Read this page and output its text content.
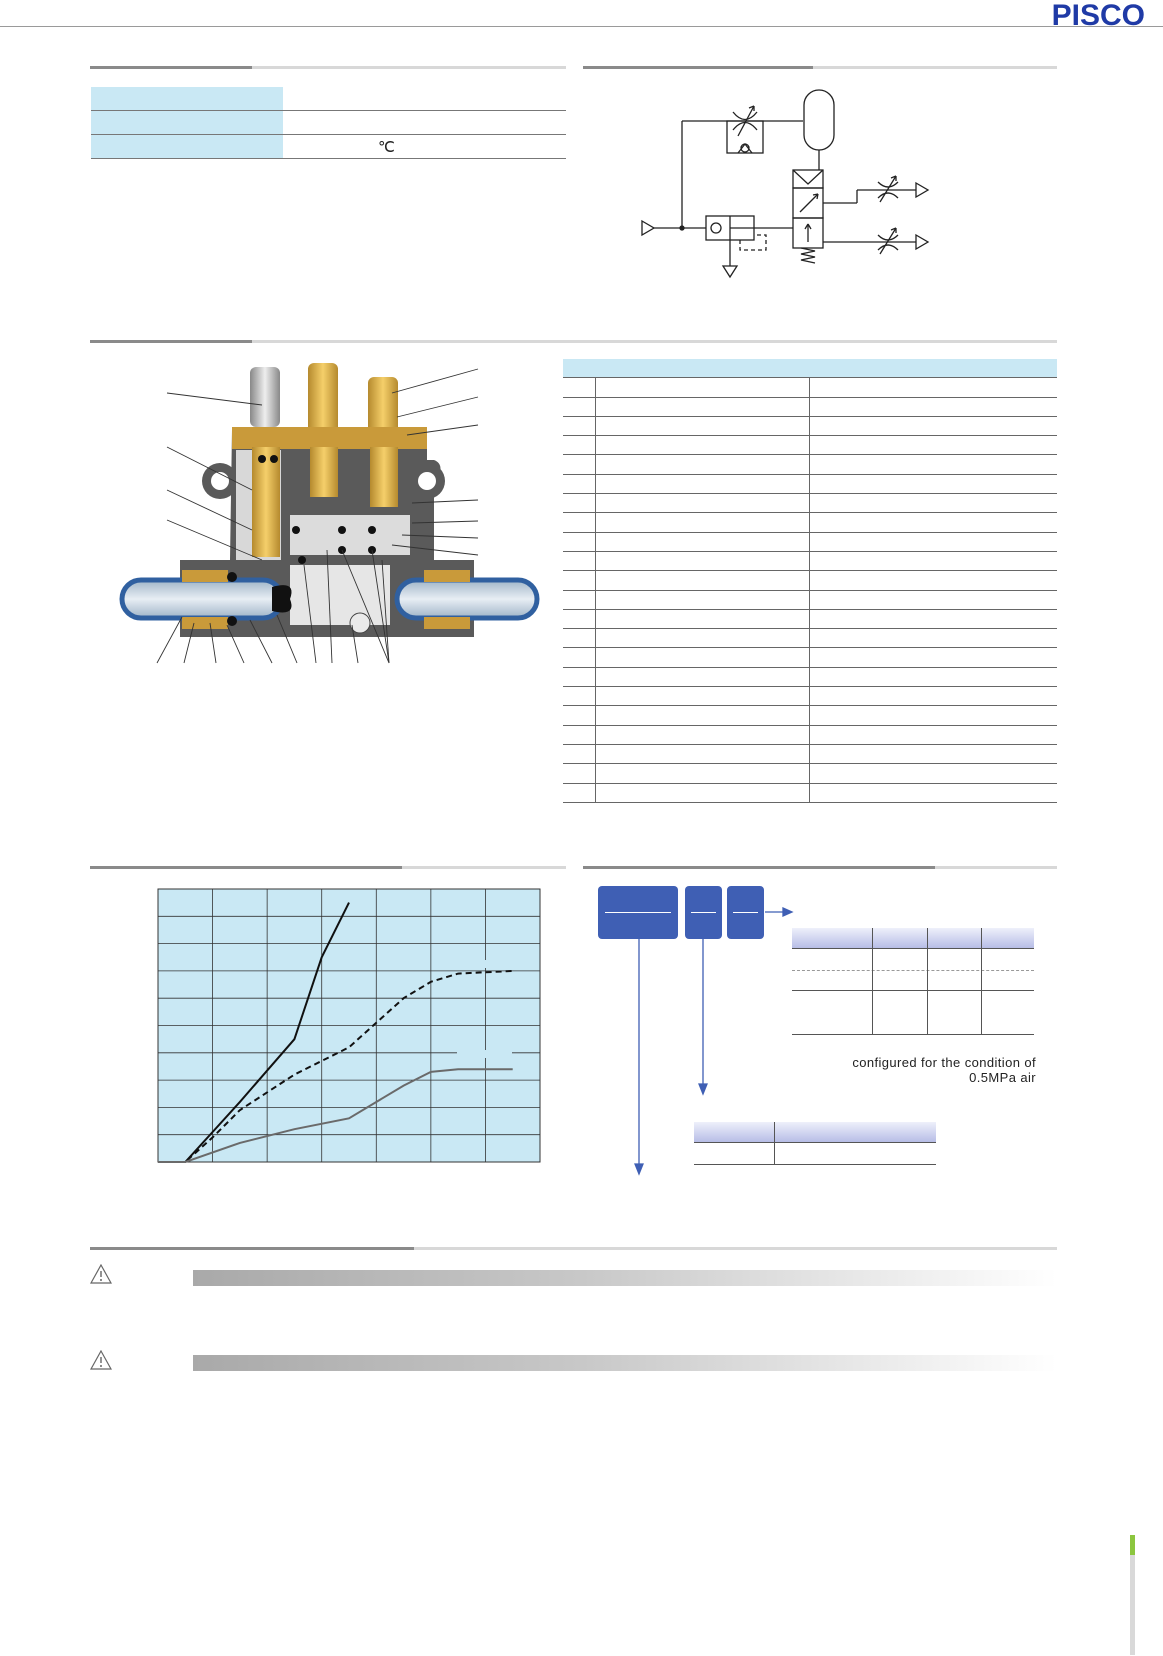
PISCO

	℃

configured for the condition of 0.5MPa air
